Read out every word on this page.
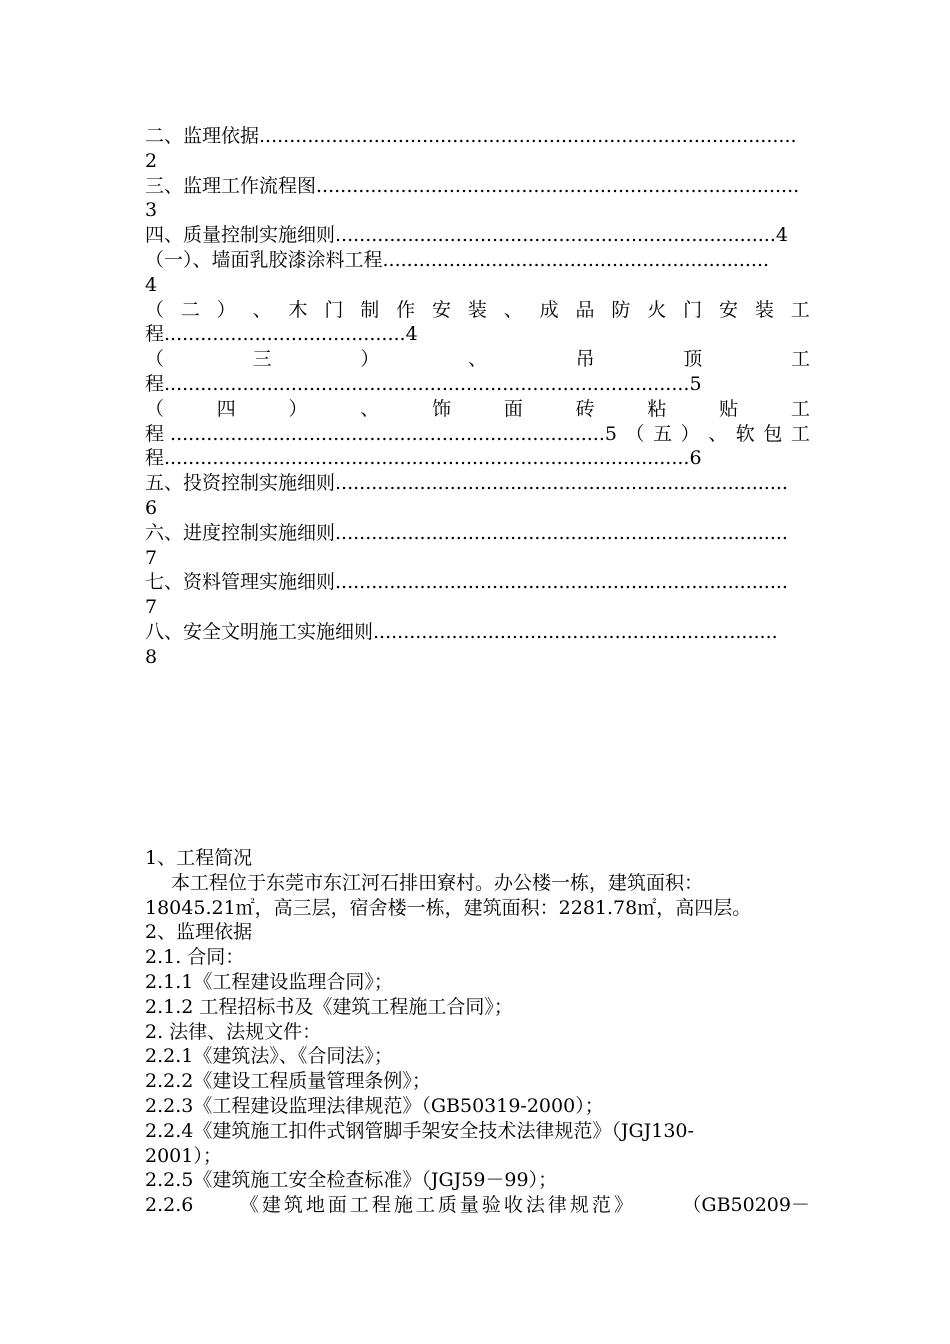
二、监理依据.........................................................................................
2
三、监理工作流程图................................................................................
3
四、质量控制实施细则.........................................................................4
（一）、墙面乳胶漆涂料工程................................................................
4
（ 二 ） 、 木 门 制 作 安 装 、 成 品 防 火 门 安 装 工
程........................................4
（	三	）	、	吊	顶	工
程.......................................................................................5
（	四	）	、	饰	面	砖	粘	贴	工
程 ........................................................................5 （ 五 ） 、 软 包 工
程.......................................................................................6
五、投资控制实施细则...........................................................................
6
六、进度控制实施细则...........................................................................
7
七、资料管理实施细则...........................................................................
7
八、安全文明施工实施细则...................................................................
8
1、工程简况
本工程位于东莞市东江河石排田寮村。办公楼一栋，建筑面积：
18045.21㎡，高三层，宿舍楼一栋，建筑面积：2281.78㎡，高四层。
2、监理依据
2.1. 合同：
2.1.1《工程建设监理合同》；
2.1.2 工程招标书及《建筑工程施工合同》；
2. 法律、法规文件：
2.2.1《建筑法》、《合同法》；
2.2.2《建设工程质量管理条例》；
2.2.3《工程建设监理法律规范》（GB50319-2000）；
2.2.4《建筑施工扣件式钢管脚手架安全技术法律规范》（JGJ130-
2001）；
2.2.5《建筑施工安全检查标准》（JGJ59－99）；
2.2.6 《建筑地面工程施工质量验收法律规范》 （GB50209－
